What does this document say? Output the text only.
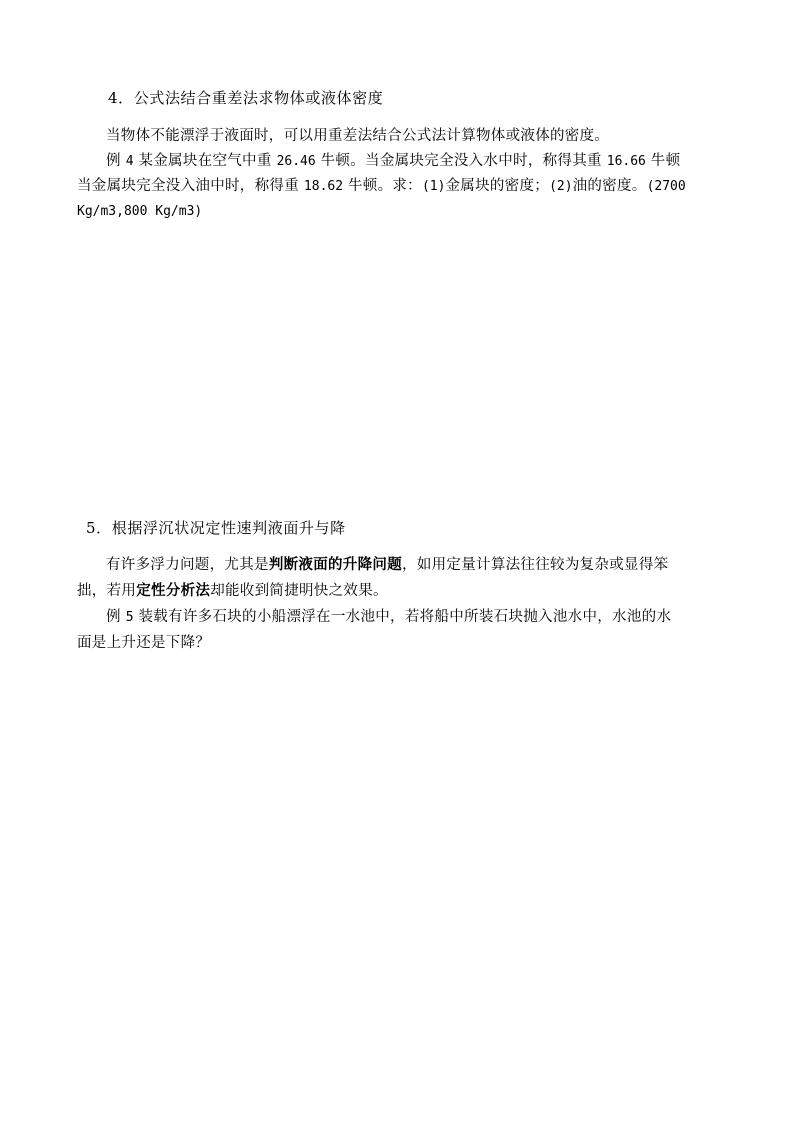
4．公式法结合重差法求物体或液体密度
当物体不能漂浮于液面时，可以用重差法结合公式法计算物体或液体的密度。
例 4 某金属块在空气中重 26.46 牛顿。当金属块完全没入水中时，称得其重 16.66 牛顿
当金属块完全没入油中时，称得重 18.62 牛顿。求：(1)金属块的密度；(2)油的密度。(2700
Kg/m3,800 Kg/m3)
5．根据浮沉状况定性速判液面升与降
有许多浮力问题，尤其是判断液面的升降问题，如用定量计算法往往较为复杂或显得笨
拙，若用定性分析法却能收到简捷明快之效果。
例 5 装载有许多石块的小船漂浮在一水池中，若将船中所装石块抛入池水中，水池的水
面是上升还是下降？
